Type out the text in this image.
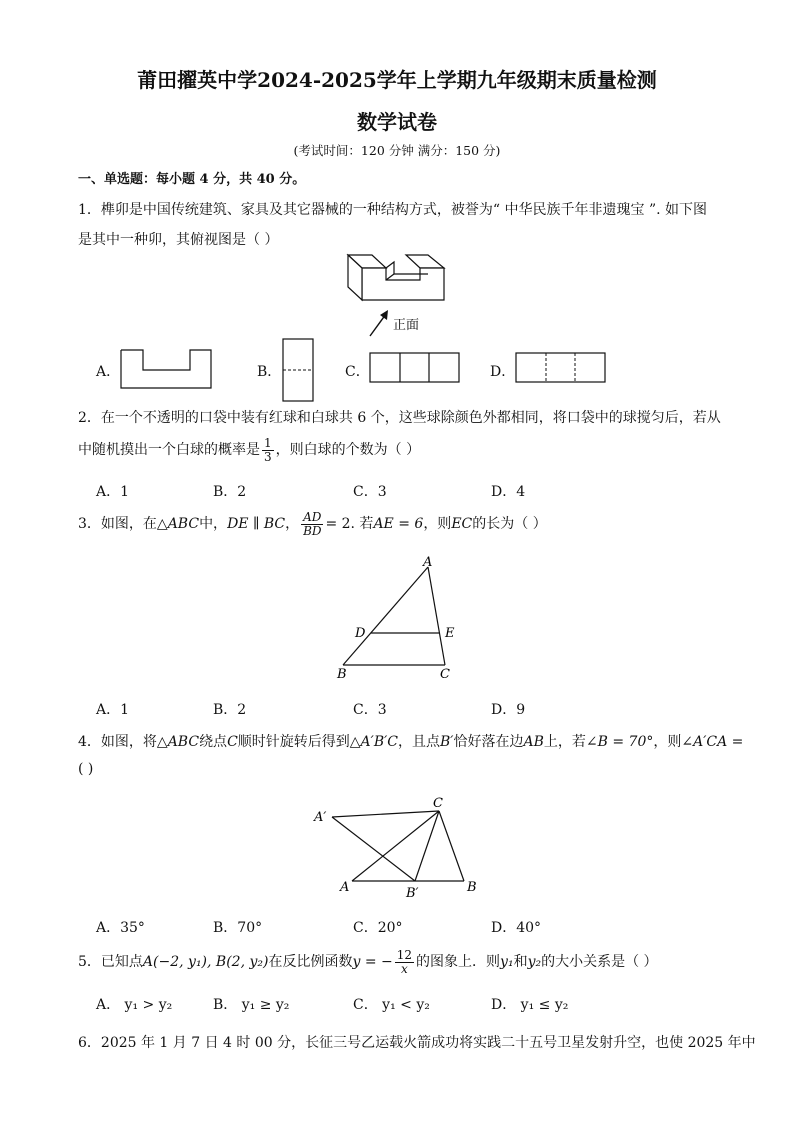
莆田擢英中学2024-2025学年上学期九年级期末质量检测
数学试卷
(考试时间：120 分钟 满分：150 分)
一、单选题：每小题 4 分，共 40 分。
1．榫卯是中国传统建筑、家具及其它器械的一种结构方式，被誉为“ 中华民族千年非遗瑰宝 ”. 如下图
是其中一种卯，其俯视图是（ ）
正面
A．	B．	C．	D．
2．在一个不透明的口袋中装有红球和白球共 6 个，这些球除颜色外都相同，将口袋中的球搅匀后，若从
中随机摸出一个白球的概率是 $\frac{1}{3}$ ，则白球的个数为（ ）
A．1	B．2	C．3	D．4
3．如图，在△ABC中，DE ∥ BC， $\frac{AD}{BD} = 2$. 若AE = 6，则EC的长为（ ）
A
D	E
B	C
A．1	B．2	C．3	D．9
4．如图，将△ABC绕点C顺时针旋转后得到△A′B′C，且点B′恰好落在边AB上，若∠B = 70°，则∠A′CA =
( )
C
A′
A	B′	B
A．35°	B．70°	C．20°	D．40°
5．已知点A(−2, y₁), B(2, y₂)在反比例函数y = − $\frac{12}{x}$ 的图象上．则y₁和y₂的大小关系是（ ）
A． y₁ > y₂	B． y₁ ≥ y₂	C． y₁ < y₂	D． y₁ ≤ y₂
6．2025 年 1 月 7 日 4 时 00 分，长征三号乙运载火箭成功将实践二十五号卫星发射升空，也使 2025 年中
